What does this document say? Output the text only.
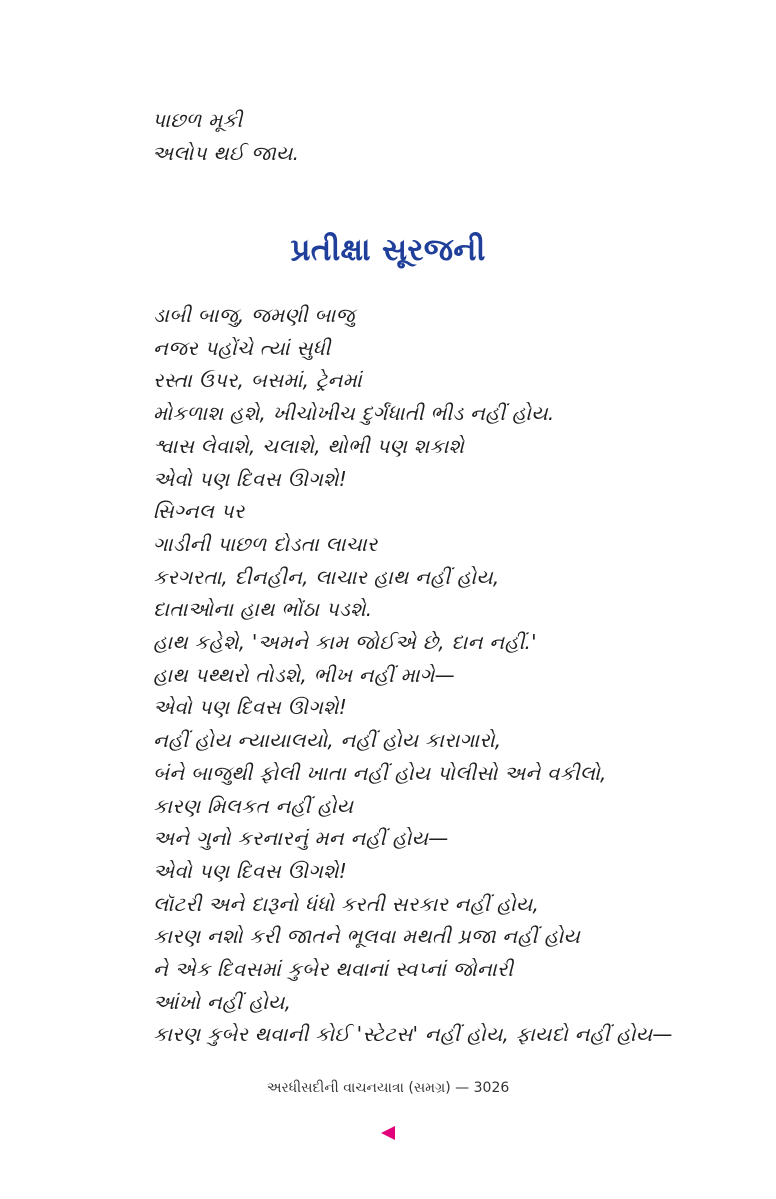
પાછળ મૂકી
અલોપ થઈ જાય.
પ્રતીક્ષા સૂરજની
ડાબી બાજુ, જમણી બાજુ
નજર પહોંચે ત્યાં સુધી
રસ્તા ઉપર, બસમાં, ટ્રેનમાં
મોકળાશ હશે, ખીચોખીચ દુર્ગંધાતી ભીડ નહીં હોય.
શ્વાસ લેવાશે, ચલાશે, થોભી પણ શકાશે
એવો પણ દિવસ ઊગશે!
સિગ્નલ પર
ગાડીની પાછળ દોડતા લાચાર
કરગરતા, દીનહીન, લાચાર હાથ નહીં હોય,
દાતાઓના હાથ ભોંઠા પડશે.
હાથ કહેશે, 'અમને કામ જોઈએ છે, દાન નહીં.'
હાથ પથ્થરો તોડશે, ભીખ નહીં માગે—
એવો પણ દિવસ ઊગશે!
નહીં હોય ન્યાયાલયો, નહીં હોય કારાગારો,
બંને બાજુથી ફોલી ખાતા નહીં હોય પોલીસો અને વકીલો,
કારણ મિલકત નહીં હોય
અને ગુનો કરનારનું મન નહીં હોય—
એવો પણ દિવસ ઊગશે!
લૉટરી અને દારૂનો ધંધો કરતી સરકાર નહીં હોય,
કારણ નશો કરી જાતને ભૂલવા મથતી પ્રજા નહીં હોય
ને એક દિવસમાં કુબેર થવાનાં સ્વપ્નાં જોનારી
આંખો નહીં હોય,
કારણ કુબેર થવાની કોઈ 'સ્ટેટસ' નહીં હોય, ફાયદો નહીં હોય—
અરધીસદીની વાચનયાત્રા (સમગ્ર) — 3026
